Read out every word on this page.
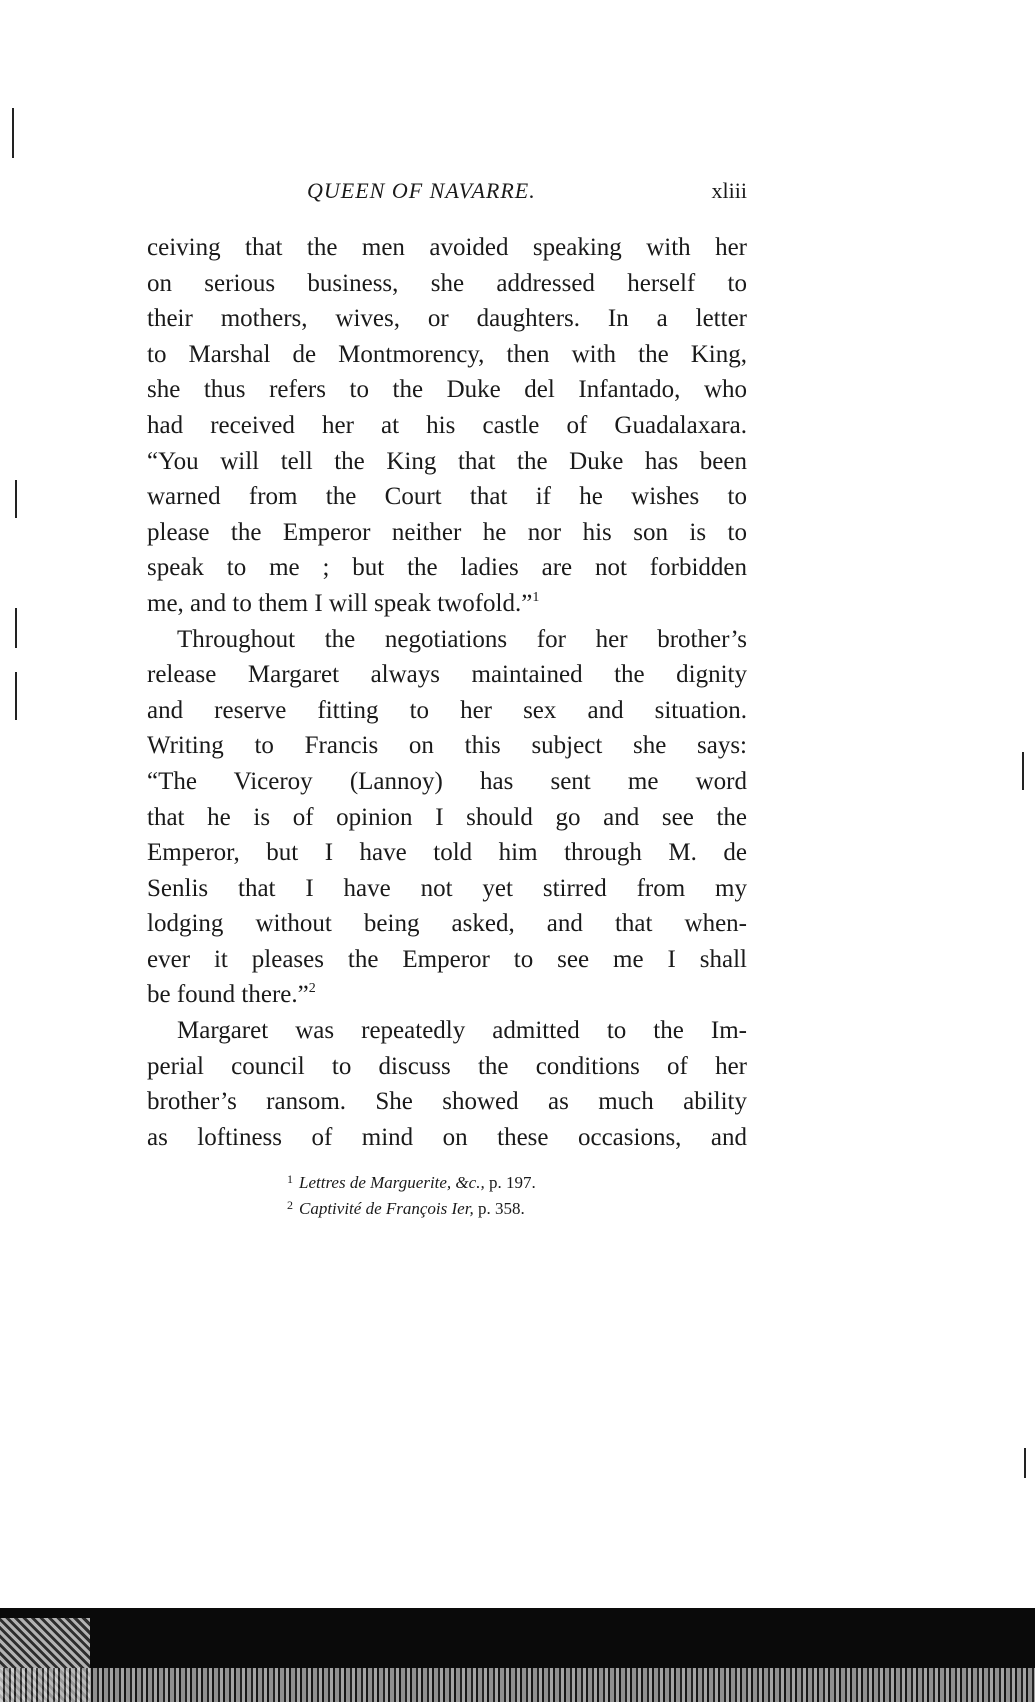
QUEEN OF NAVARRE.	xliii
ceiving that the men avoided speaking with her
on serious business, she addressed herself to
their mothers, wives, or daughters. In a letter
to Marshal de Montmorency, then with the King,
she thus refers to the Duke del Infantado, who
had received her at his castle of Guadalaxara.
“You will tell the King that the Duke has been
warned from the Court that if he wishes to
please the Emperor neither he nor his son is to
speak to me ; but the ladies are not forbidden
me, and to them I will speak twofold.”$^1$
Throughout the negotiations for her brother’s
release Margaret always maintained the dignity
and reserve fitting to her sex and situation.
Writing to Francis on this subject she says:
“The Viceroy (Lannoy) has sent me word
that he is of opinion I should go and see the
Emperor, but I have told him through M. de
Senlis that I have not yet stirred from my
lodging without being asked, and that when-
ever it pleases the Emperor to see me I shall
be found there.”$^2$
Margaret was repeatedly admitted to the Im-
perial council to discuss the conditions of her
brother’s ransom. She showed as much ability
as loftiness of mind on these occasions, and
$^1$ Lettres de Marguerite, &c., p. 197.
$^2$ Captivité de François Ier, p. 358.
